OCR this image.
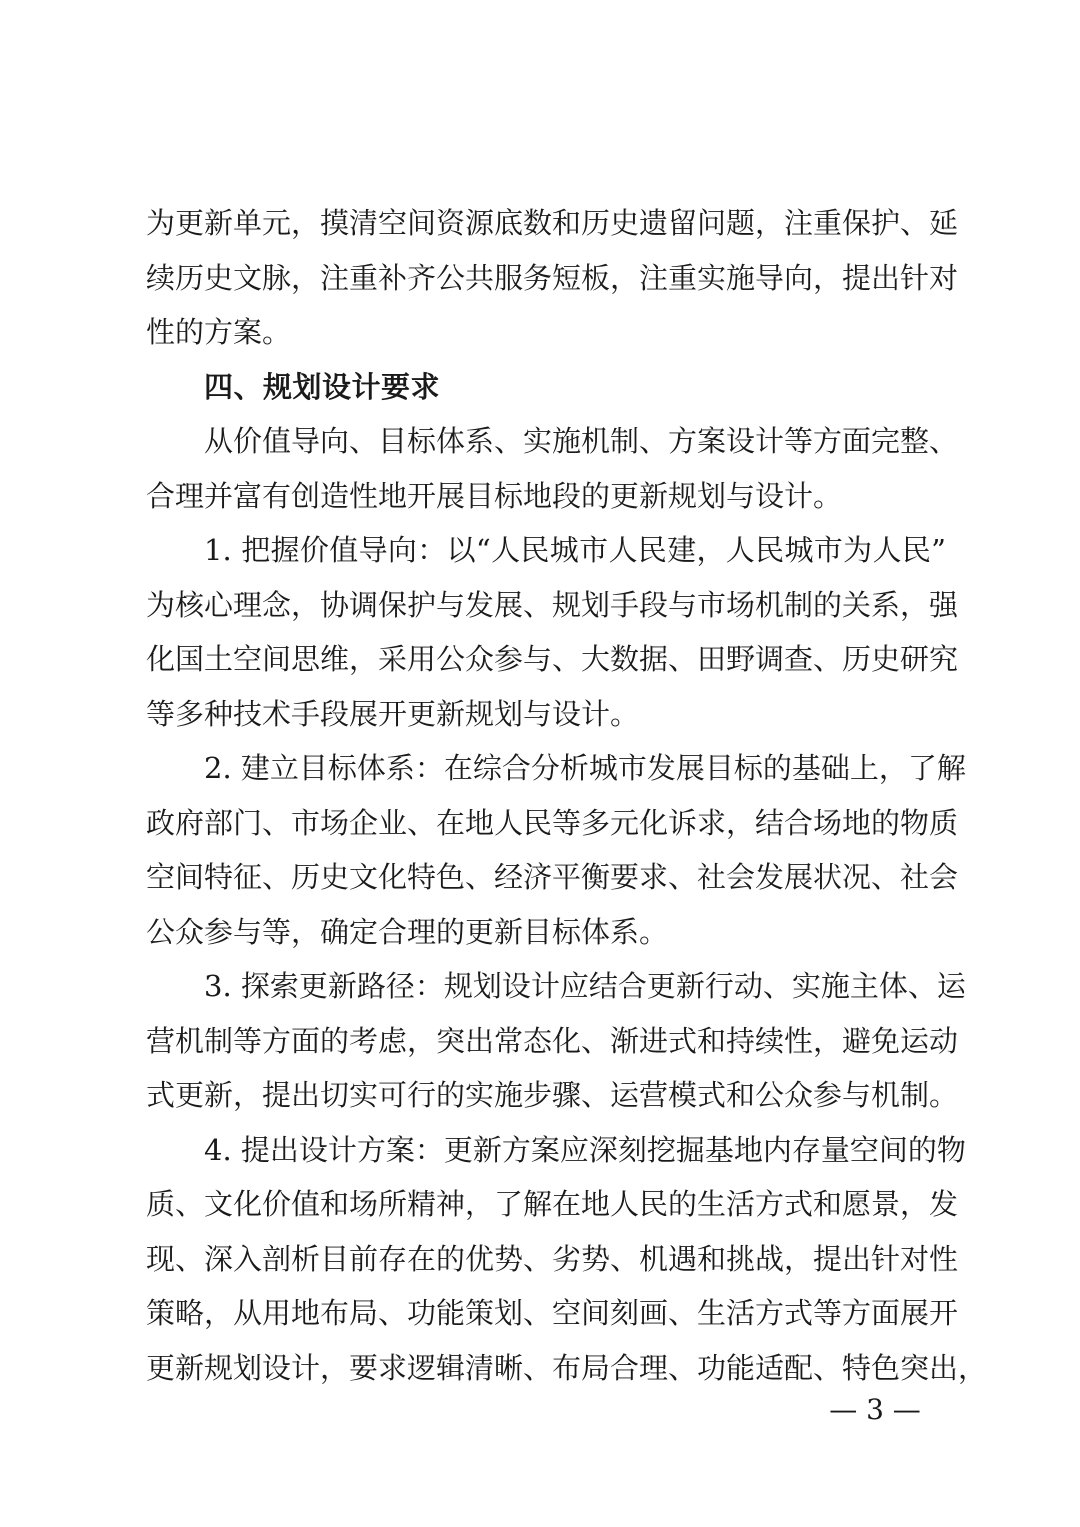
为更新单元，摸清空间资源底数和历史遗留问题，注重保护、延
续历史文脉，注重补齐公共服务短板，注重实施导向，提出针对
性的方案。
四、规划设计要求
从价值导向、目标体系、实施机制、方案设计等方面完整、
合理并富有创造性地开展目标地段的更新规划与设计。
1. 把握价值导向：以“人民城市人民建，人民城市为人民”
为核心理念，协调保护与发展、规划手段与市场机制的关系，强
化国土空间思维，采用公众参与、大数据、田野调查、历史研究
等多种技术手段展开更新规划与设计。
2. 建立目标体系：在综合分析城市发展目标的基础上，了解
政府部门、市场企业、在地人民等多元化诉求，结合场地的物质
空间特征、历史文化特色、经济平衡要求、社会发展状况、社会
公众参与等，确定合理的更新目标体系。
3. 探索更新路径：规划设计应结合更新行动、实施主体、运
营机制等方面的考虑，突出常态化、渐进式和持续性，避免运动
式更新，提出切实可行的实施步骤、运营模式和公众参与机制。
4. 提出设计方案：更新方案应深刻挖掘基地内存量空间的物
质、文化价值和场所精神，了解在地人民的生活方式和愿景，发
现、深入剖析目前存在的优势、劣势、机遇和挑战，提出针对性
策略，从用地布局、功能策划、空间刻画、生活方式等方面展开
更新规划设计，要求逻辑清晰、布局合理、功能适配、特色突出，
— 3 —
